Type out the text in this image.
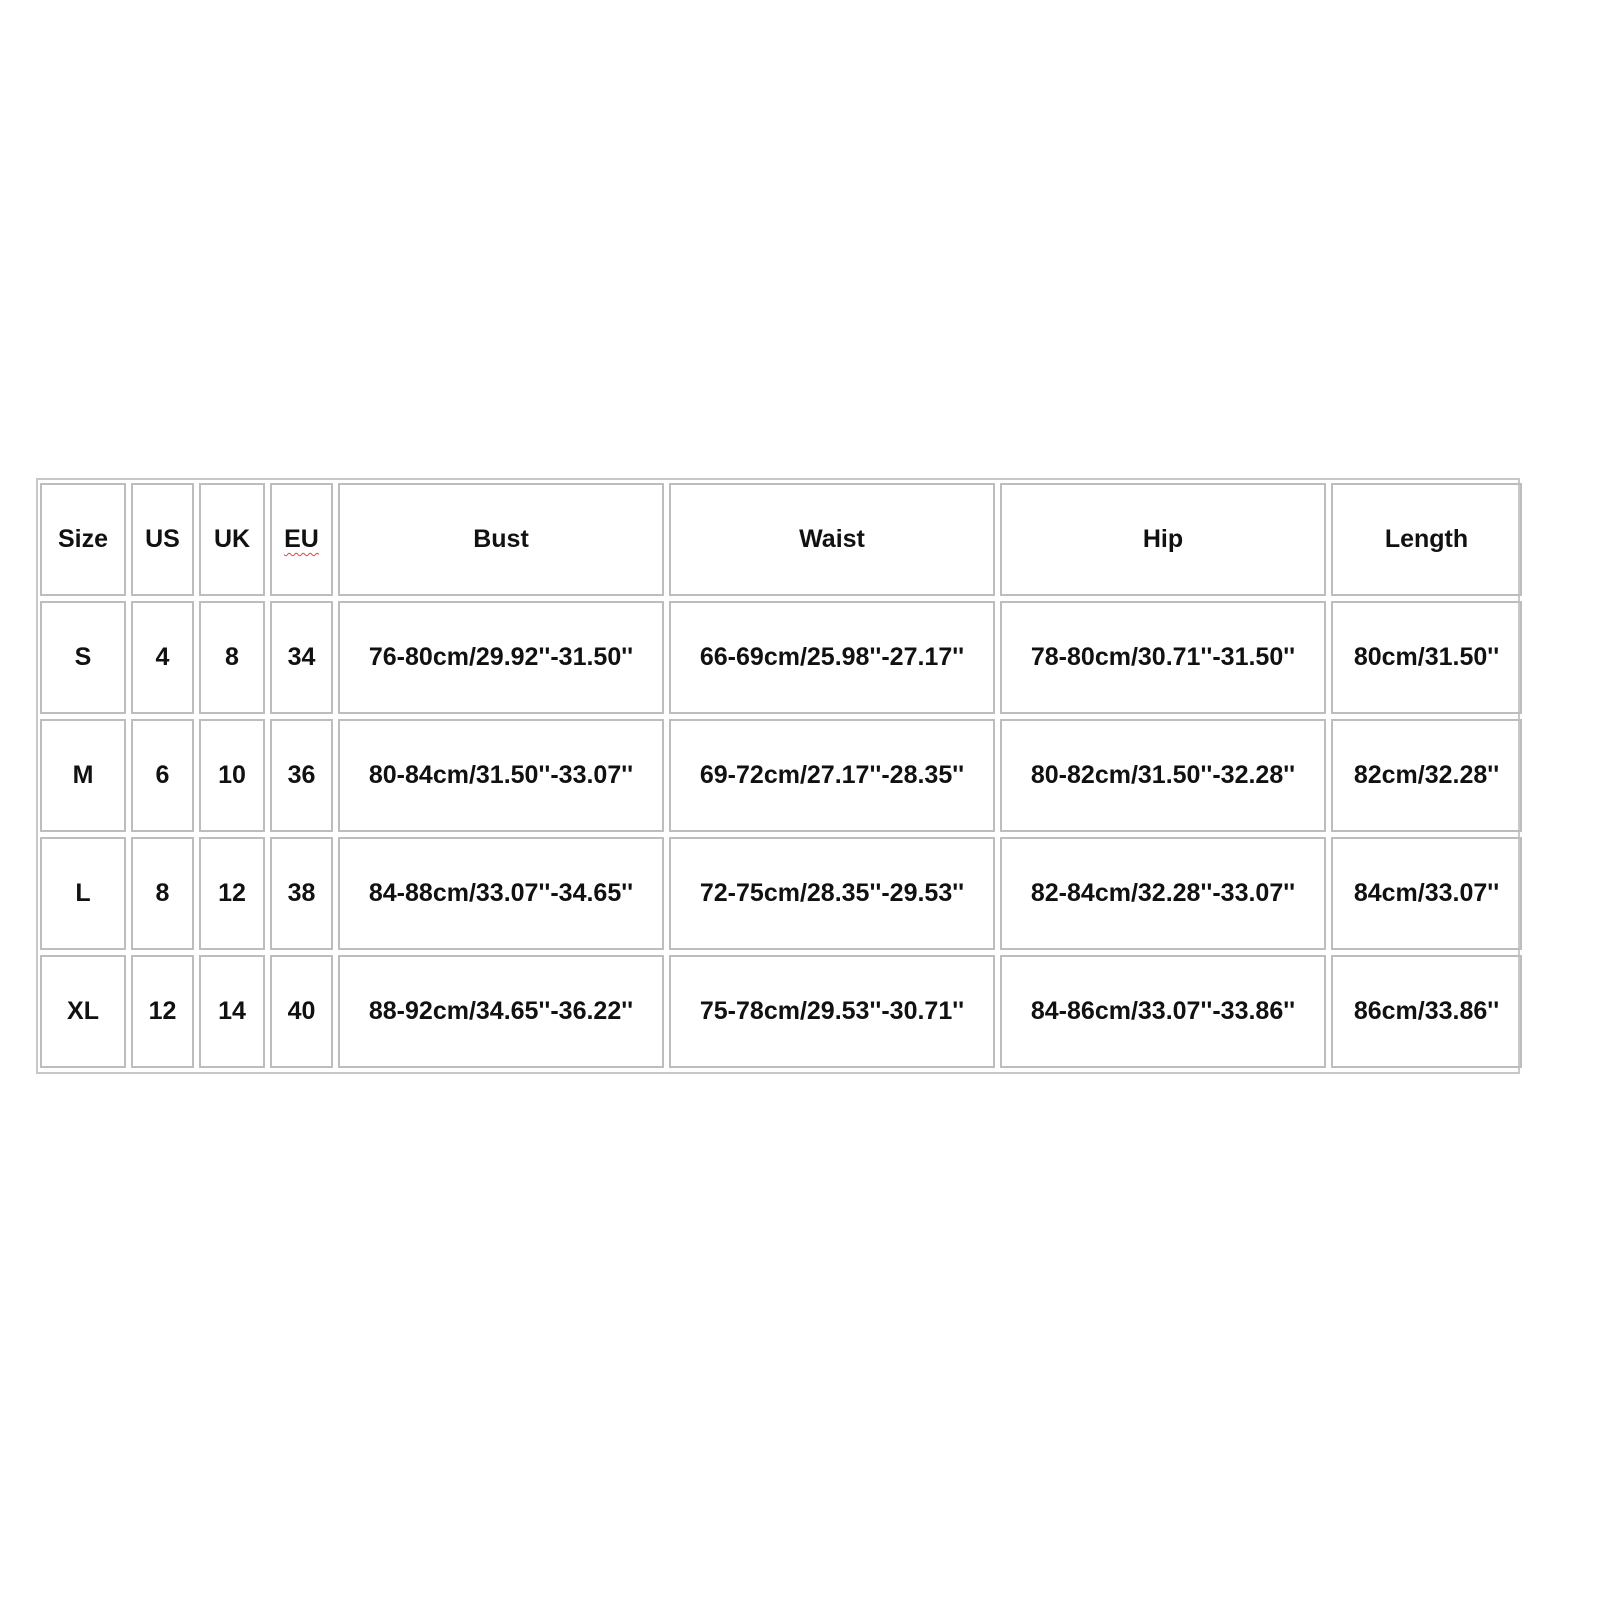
Size	US	UK	EU	Bust	Waist	Hip	Length
S	4	8	34	76-80cm/29.92''-31.50''	66-69cm/25.98''-27.17''	78-80cm/30.71''-31.50''	80cm/31.50''
M	6	10	36	80-84cm/31.50''-33.07''	69-72cm/27.17''-28.35''	80-82cm/31.50''-32.28''	82cm/32.28''
L	8	12	38	84-88cm/33.07''-34.65''	72-75cm/28.35''-29.53''	82-84cm/32.28''-33.07''	84cm/33.07''
XL	12	14	40	88-92cm/34.65''-36.22''	75-78cm/29.53''-30.71''	84-86cm/33.07''-33.86''	86cm/33.86''
